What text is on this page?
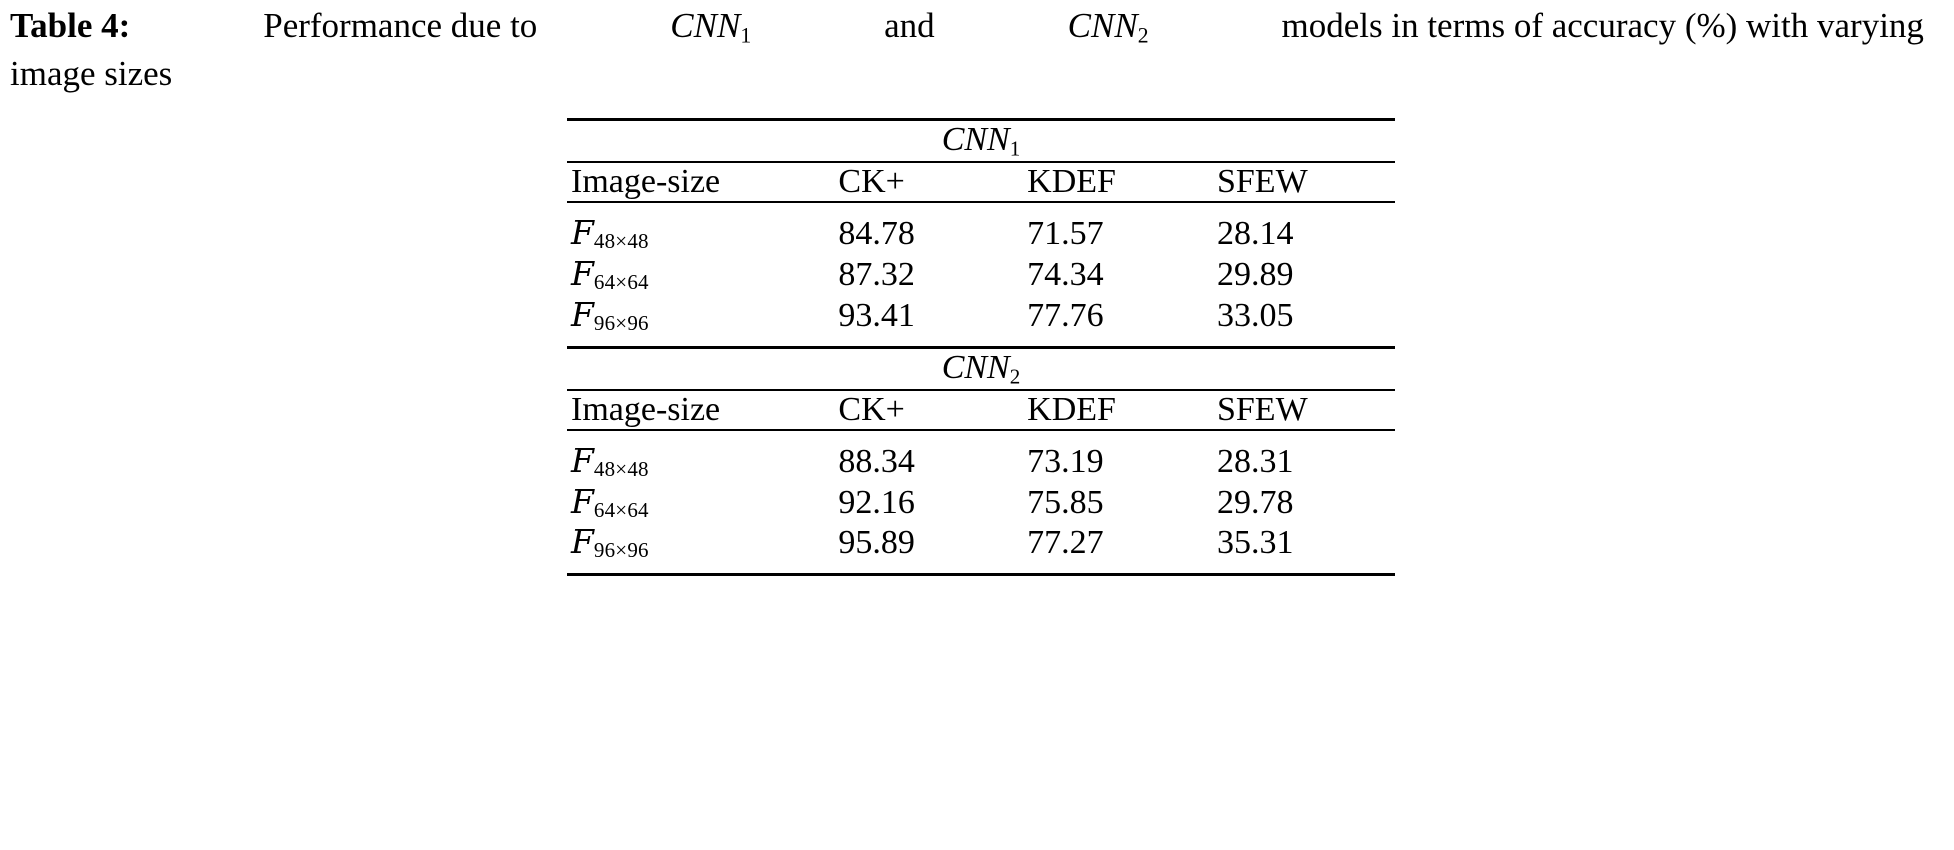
Table 4:	Performance due to	$CNN_1$	and	$CNN_2$	models in terms of accuracy (%) with varying
image sizes

$CNN_1$

Image-size	CK+	KDEF	SFEW

F48×48	84.78	71.57	28.14
F64×64	87.32	74.34	29.89
F96×96	93.41	77.76	33.05

$CNN_2$

Image-size	CK+	KDEF	SFEW

F48×48	88.34	73.19	28.31
F64×64	92.16	75.85	29.78
F96×96	95.89	77.27	35.31
